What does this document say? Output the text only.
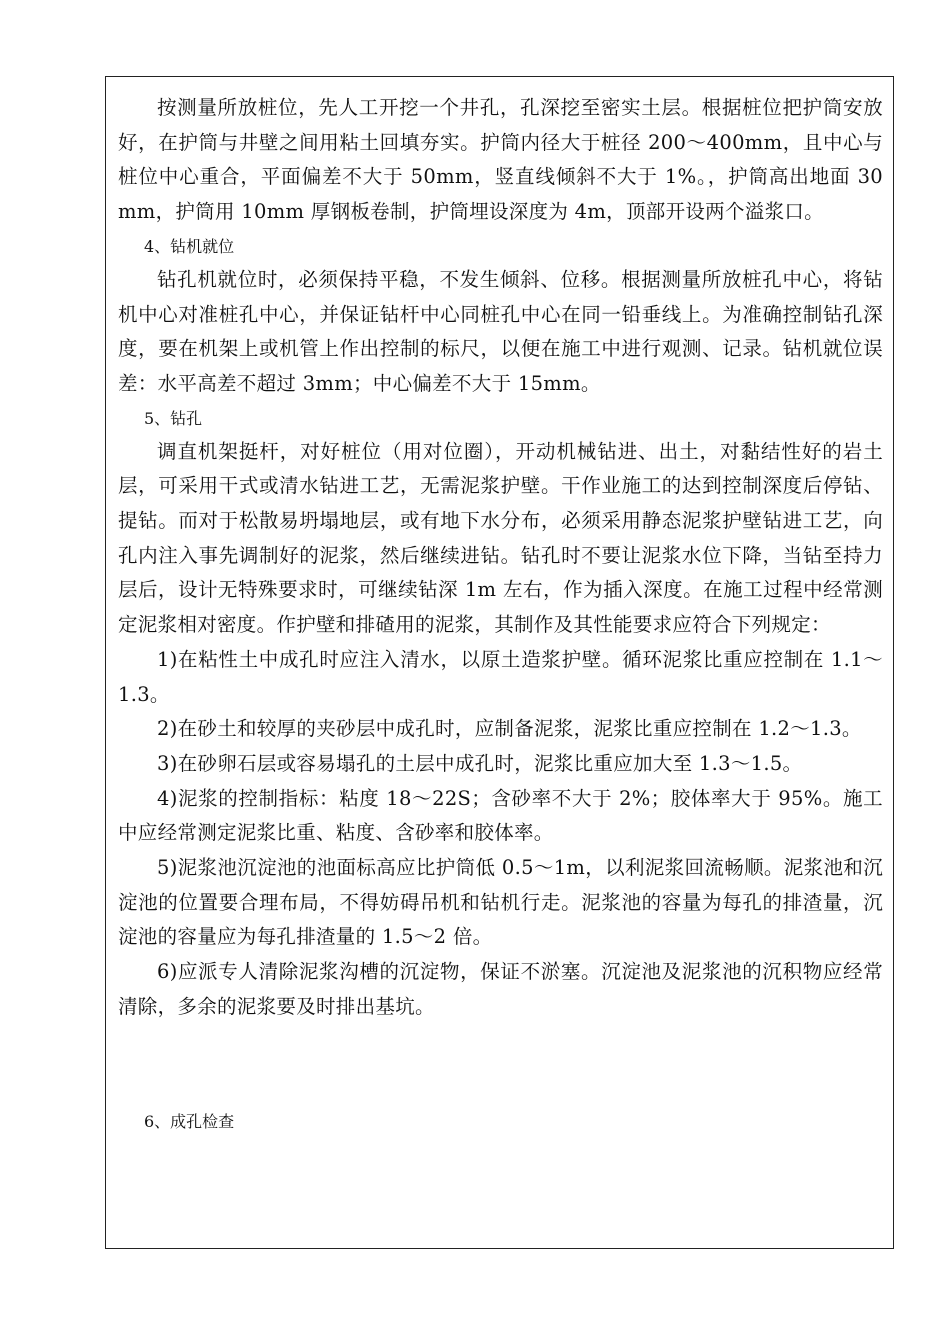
按测量所放桩位，先人工开挖一个井孔，孔深挖至密实土层。根据桩位把护筒安放好，在护筒与井壁之间用粘土回填夯实。护筒内径大于桩径 200～400mm，且中心与桩位中心重合，平面偏差不大于 50mm，竖直线倾斜不大于 1%。，护筒高出地面 30 mm，护筒用 10mm 厚钢板卷制，护筒埋设深度为 4m，顶部开设两个溢浆口。

4、钻机就位

钻孔机就位时，必须保持平稳，不发生倾斜、位移。根据测量所放桩孔中心，将钻机中心对准桩孔中心，并保证钻杆中心同桩孔中心在同一铅垂线上。为准确控制钻孔深度，要在机架上或机管上作出控制的标尺，以便在施工中进行观测、记录。钻机就位误差：水平高差不超过 3mm；中心偏差不大于 15mm。

5、钻孔

调直机架挺杆，对好桩位（用对位圈），开动机械钻进、出土，对黏结性好的岩土层，可采用干式或清水钻进工艺，无需泥浆护壁。干作业施工的达到控制深度后停钻、提钻。而对于松散易坍塌地层，或有地下水分布，必须采用静态泥浆护壁钻进工艺，向孔内注入事先调制好的泥浆，然后继续进钻。钻孔时不要让泥浆水位下降，当钻至持力层后，设计无特殊要求时，可继续钻深 1m 左右，作为插入深度。在施工过程中经常测定泥浆相对密度。作护壁和排碴用的泥浆，其制作及其性能要求应符合下列规定：

1)在粘性土中成孔时应注入清水，以原土造浆护壁。循环泥浆比重应控制在 1.1～1.3。

2)在砂土和较厚的夹砂层中成孔时，应制备泥浆，泥浆比重应控制在 1.2～1.3。

3)在砂卵石层或容易塌孔的土层中成孔时，泥浆比重应加大至 1.3～1.5。

4)泥浆的控制指标：粘度 18～22S；含砂率不大于 2%；胶体率大于 95%。施工中应经常测定泥浆比重、粘度、含砂率和胶体率。

5)泥浆池沉淀池的池面标高应比护筒低 0.5～1m，以利泥浆回流畅顺。泥浆池和沉淀池的位置要合理布局，不得妨碍吊机和钻机行走。泥浆池的容量为每孔的排渣量，沉淀池的容量应为每孔排渣量的 1.5～2 倍。

6)应派专人清除泥浆沟槽的沉淀物，保证不淤塞。沉淀池及泥浆池的沉积物应经常清除，多余的泥浆要及时排出基坑。

6、成孔检查
